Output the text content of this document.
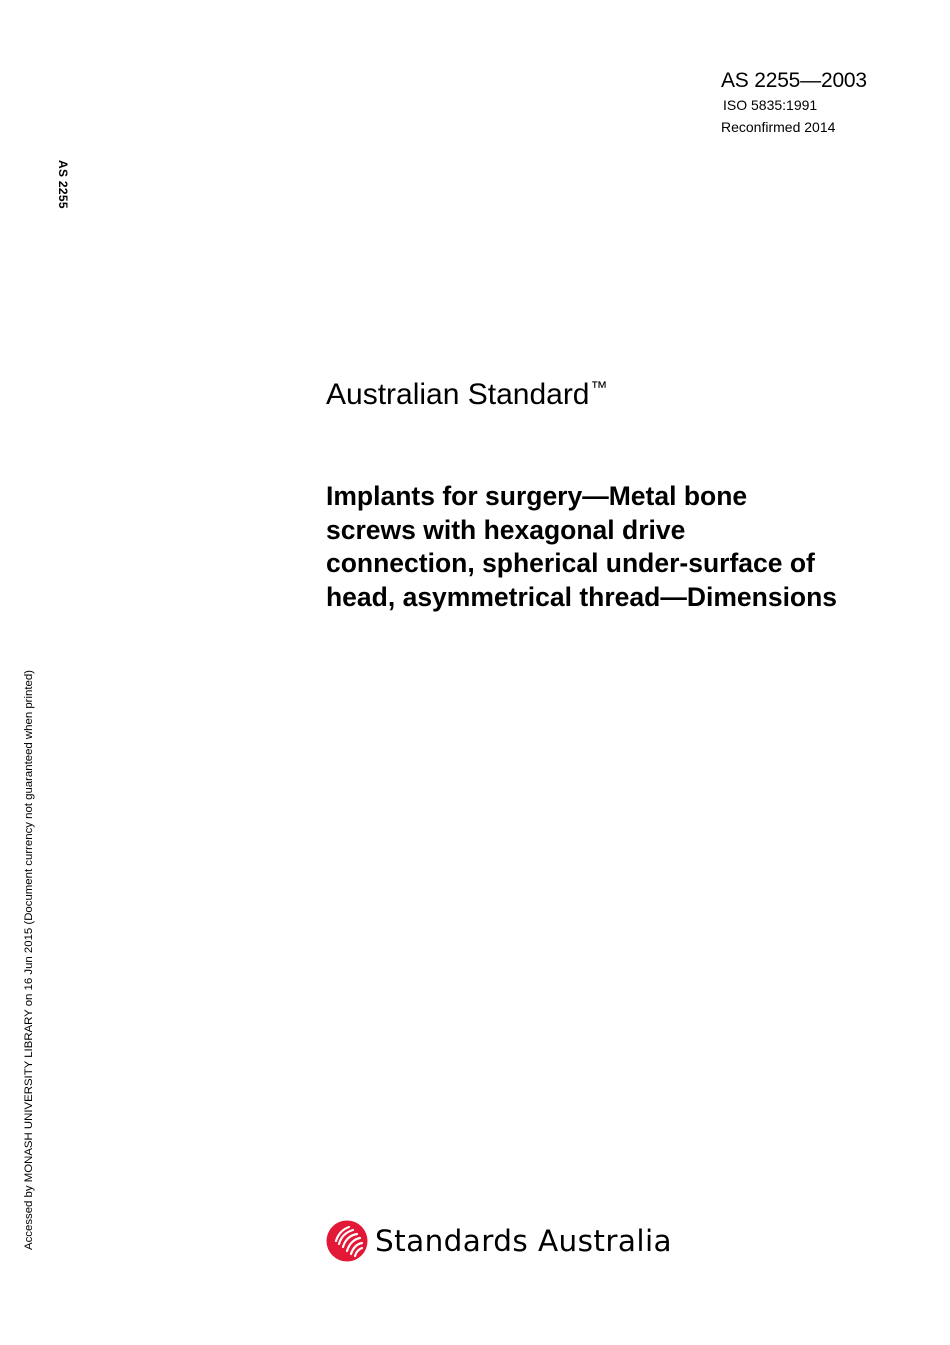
AS 2255—2003
ISO 5835:1991
Reconfirmed 2014
AS 2255
Accessed by MONASH UNIVERSITY LIBRARY on 16 Jun 2015 (Document currency not guaranteed when printed)
Australian Standard™
Implants for surgery—Metal bone
screws with hexagonal drive
connection, spherical under-surface of
head, asymmetrical thread—Dimensions
Standards Australia
